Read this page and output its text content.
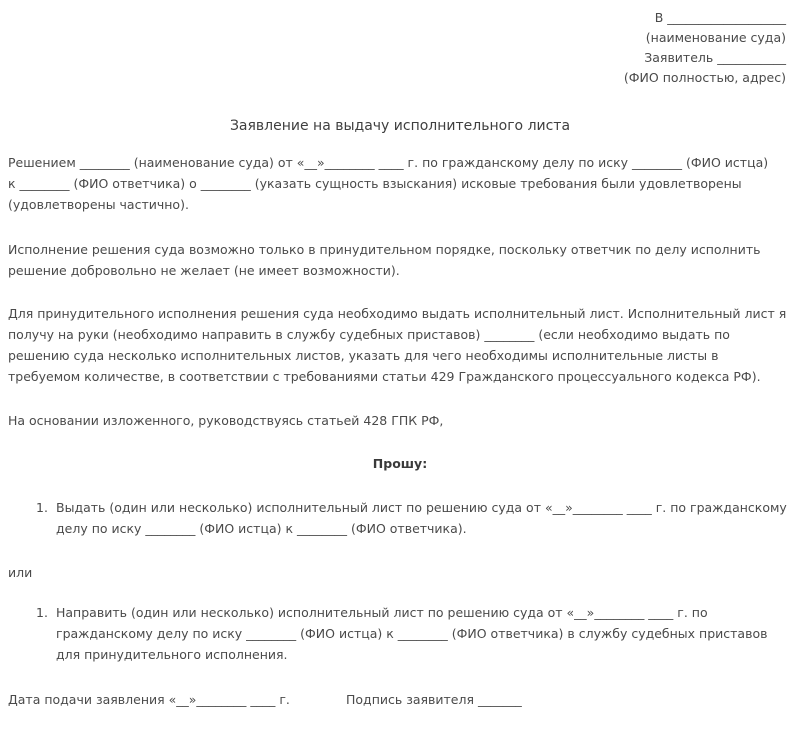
В ___________________
(наименование суда)
Заявитель ___________
(ФИО полностью, адрес)
Заявление на выдачу исполнительного листа
Решением ________ (наименование суда) от «__»________ ____ г. по гражданскому делу по иску ________ (ФИО истца)
к ________ (ФИО ответчика) о ________ (указать сущность взыскания) исковые требования были удовлетворены
(удовлетворены частично).
Исполнение решения суда возможно только в принудительном порядке, поскольку ответчик по делу исполнить
решение добровольно не желает (не имеет возможности).
Для принудительного исполнения решения суда необходимо выдать исполнительный лист. Исполнительный лист я
получу на руки (необходимо направить в службу судебных приставов) ________ (если необходимо выдать по
решению суда несколько исполнительных листов, указать для чего необходимы исполнительные листы в
требуемом количестве, в соответствии с требованиями статьи 429 Гражданского процессуального кодекса РФ).
На основании изложенного, руководствуясь статьей 428 ГПК РФ,
Прошу:
1. Выдать (один или несколько) исполнительный лист по решению суда от «__»________ ____ г. по гражданскому
делу по иску ________ (ФИО истца) к ________ (ФИО ответчика).
или
1. Направить (один или несколько) исполнительный лист по решению суда от «__»________ ____ г. по
гражданскому делу по иску ________ (ФИО истца) к ________ (ФИО ответчика) в службу судебных приставов
для принудительного исполнения.
Дата подачи заявления «__»________ ____ г.	Подпись заявителя _______
